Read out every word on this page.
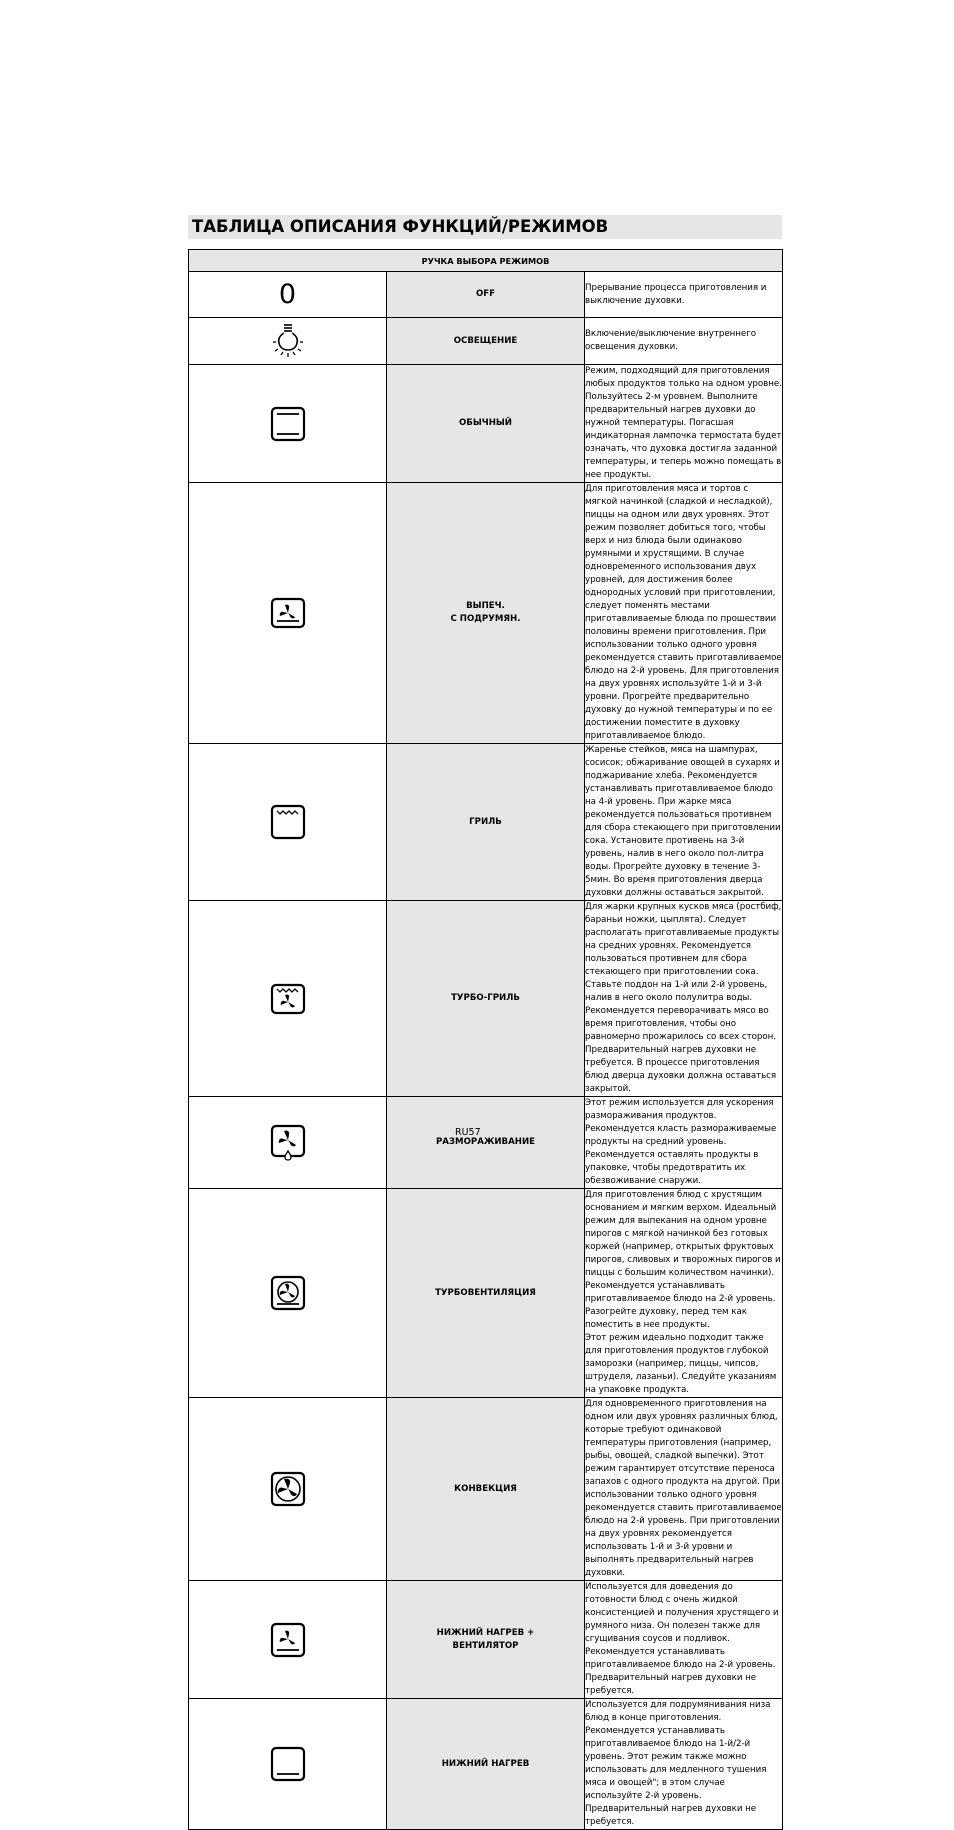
ТАБЛИЦА ОПИСАНИЯ ФУНКЦИЙ/РЕЖИМОВ
РУЧКА ВЫБОРА РЕЖИМОВ		
0	OFF	Прерывание процесса приготовления и выключение духовки.

	ОСВЕЩЕНИЕ	Включение/выключение внутреннего освещения духовки.

	ОБЫЧНЫЙ	Режим, подходящий для приготовления любых продуктов только на одном уровне. Пользуйтесь 2-м уровнем. Выполните предварительный нагрев духовки до нужной температуры. Погасшая индикаторная лампочка термостата будет означать, что духовка достигла заданной температуры, и теперь можно помещать в нее продукты.

	ВЫПЕЧ.
С ПОДРУМЯН.	Для приготовления мяса и тортов с мягкой начинкой (сладкой и несладкой), пиццы на одном или двух уровнях. Этот режим позволяет добиться того, чтобы верх и низ блюда были одинаково румяными и хрустящими. В случае одновременного использования двух уровней, для достижения более однородных условий при приготовлении, следует поменять местами приготавливаемые блюда по прошествии половины времени приготовления. При использовании только одного уровня рекомендуется ставить приготавливаемое блюдо на 2-й уровень. Для приготовления на двух уровнях используйте 1-й и 3-й уровни. Прогрейте предварительно духовку до нужной температуры и по ее достижении поместите в духовку приготавливаемое блюдо.

	ГРИЛЬ	Жаренье стейков, мяса на шампурах, сосисок; обжаривание овощей в сухарях и поджаривание хлеба. Рекомендуется устанавливать приготавливаемое блюдо на 4-й уровень. При жарке мяса рекомендуется пользоваться противнем для сбора стекающего при приготовлении сока. Установите противень на 3-й уровень, налив в него около пол-литра воды. Прогрейте духовку в течение 3-5мин. Во время приготовления дверца духовки должны оставаться закрытой.

	ТУРБО-ГРИЛЬ	Для жарки крупных кусков мяса (ростбиф, бараньи ножки, цыплята). Следует располагать приготавливаемые продукты на средних уровнях. Рекомендуется пользоваться противнем для сбора стекающего при приготовлении сока. Ставьте поддон на 1-й или 2-й уровень, налив в него около полулитра воды. Рекомендуется переворачивать мясо во время приготовления, чтобы оно равномерно прожарилось со всех сторон. Предварительный нагрев духовки не требуется. В процессе приготовления блюд дверца духовки должна оставаться закрытой.

	РАЗМОРАЖИВАНИЕ	Этот режим используется для ускорения размораживания продуктов. Рекомендуется класть размораживаемые продукты на средний уровень. Рекомендуется оставлять продукты в упаковке, чтобы предотвратить их обезвоживание снаружи.

	ТУРБОВЕНТИЛЯЦИЯ	Для приготовления блюд с хрустящим основанием и мягким верхом. Идеальный режим для выпекания на одном уровне пирогов с мягкой начинкой без готовых коржей (например, открытых фруктовых пирогов, сливовых и творожных пирогов и пиццы с большим количеством начинки). Рекомендуется устанавливать приготавливаемое блюдо на 2-й уровень. Разогрейте духовку, перед тем как поместить в нее продукты.
Этот режим идеально подходит также для приготовления продуктов глубокой заморозки (например, пиццы, чипсов, штруделя, лазаньи). Следуйте указаниям на упаковке продукта.

	КОНВЕКЦИЯ	Для одновременного приготовления на одном или двух уровнях различных блюд, которые требуют одинаковой температуры приготовления (например, рыбы, овощей, сладкой выпечки). Этот режим гарантирует отсутствие переноса запахов с одного продукта на другой. При использовании только одного уровня рекомендуется ставить приготавливаемое блюдо на 2-й уровень. При приготовлении на двух уровнях рекомендуется использовать 1-й и 3-й уровни и выполнять предварительный нагрев духовки.

	НИЖНИЙ НАГРЕВ +
ВЕНТИЛЯТОР	Используется для доведения до готовности блюд с очень жидкой консистенцией и получения хрустящего и румяного низа. Он полезен также для сгущивания соусов и подливок. Рекомендуется устанавливать приготавливаемое блюдо на 2-й уровень. Предварительный нагрев духовки не требуется.

	НИЖНИЙ НАГРЕВ	Используется для подрумянивания низа блюд в конце приготовления. Рекомендуется устанавливать приготавливаемое блюдо на 1-й/2-й уровень. Этот режим также можно использовать для медленного тушения мяса и овощей"; в этом случае используйте 2-й уровень. Предварительный нагрев духовки не требуется.
RU57
